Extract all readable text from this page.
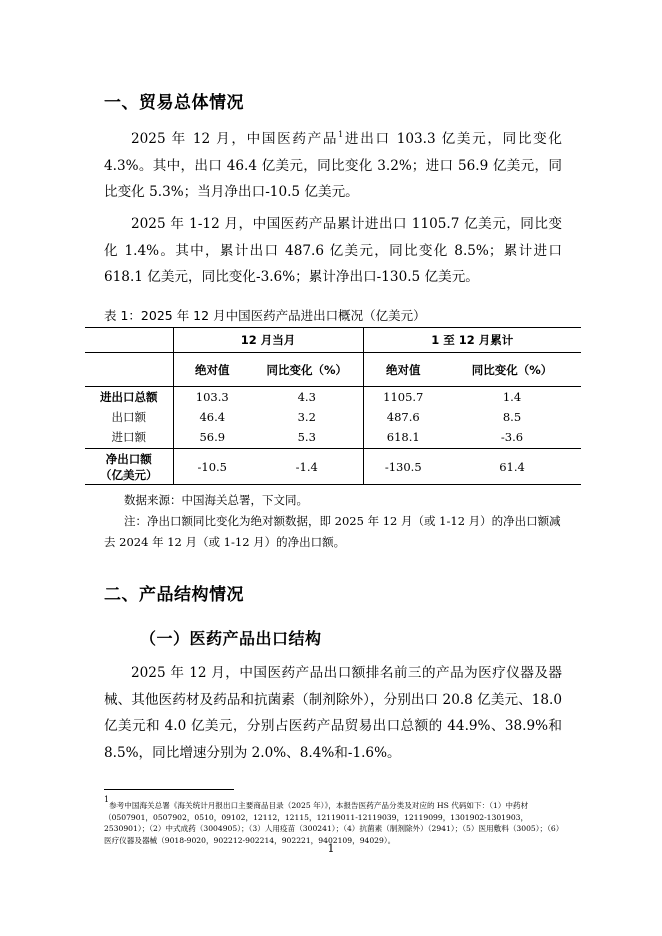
一、贸易总体情况

2025 年 12 月，中国医药产品$^1$进出口 103.3 亿美元，同比变化 4.3%。其中，出口 46.4 亿美元，同比变化 3.2%；进口 56.9 亿美元，同比变化 5.3%；当月净出口-10.5 亿美元。

2025 年 1-12 月，中国医药产品累计进出口 1105.7 亿美元，同比变化 1.4%。其中，累计出口 487.6 亿美元，同比变化 8.5%；累计进口 618.1 亿美元，同比变化-3.6%；累计净出口-130.5 亿美元。

表 1：2025 年 12 月中国医药产品进出口概况（亿美元）

	12 月当月		1 至 12 月累计	
	绝对值	同比变化（%）	绝对值	同比变化（%）
进出口总额	103.3	4.3	1105.7	1.4
出口额	46.4	3.2	487.6	8.5
进口额	56.9	5.3	618.1	-3.6
净出口额
（亿美元）	-10.5	-1.4	-130.5	61.4

数据来源：中国海关总署，下文同。

注：净出口额同比变化为绝对额数据，即 2025 年 12 月（或 1-12 月）的净出口额减去 2024 年 12 月（或 1-12 月）的净出口额。

二、产品结构情况
（一）医药产品出口结构

2025 年 12 月，中国医药产品出口额排名前三的产品为医疗仪器及器械、其他医药材及药品和抗菌素（制剂除外），分别出口 20.8 亿美元、18.0 亿美元和 4.0 亿美元，分别占医药产品贸易出口总额的 44.9%、38.9%和 8.5%，同比增速分别为 2.0%、8.4%和-1.6%。

$^1$参考中国海关总署《海关统计月报出口主要商品目录（2025 年）》，本报告医药产品分类及对应的 HS 代码如下：（1）中药材（0507901，0507902，0510，09102，12112，12115，12119011-12119039，12119099，1301902-1301903，2530901）；（2）中式成药（3004905）；（3）人用疫苗（300241）；（4）抗菌素（制剂除外）（2941）；（5）医用敷料（3005）；（6）医疗仪器及器械（9018-9020，902212-902214，902221，9402109，94029）。

1
